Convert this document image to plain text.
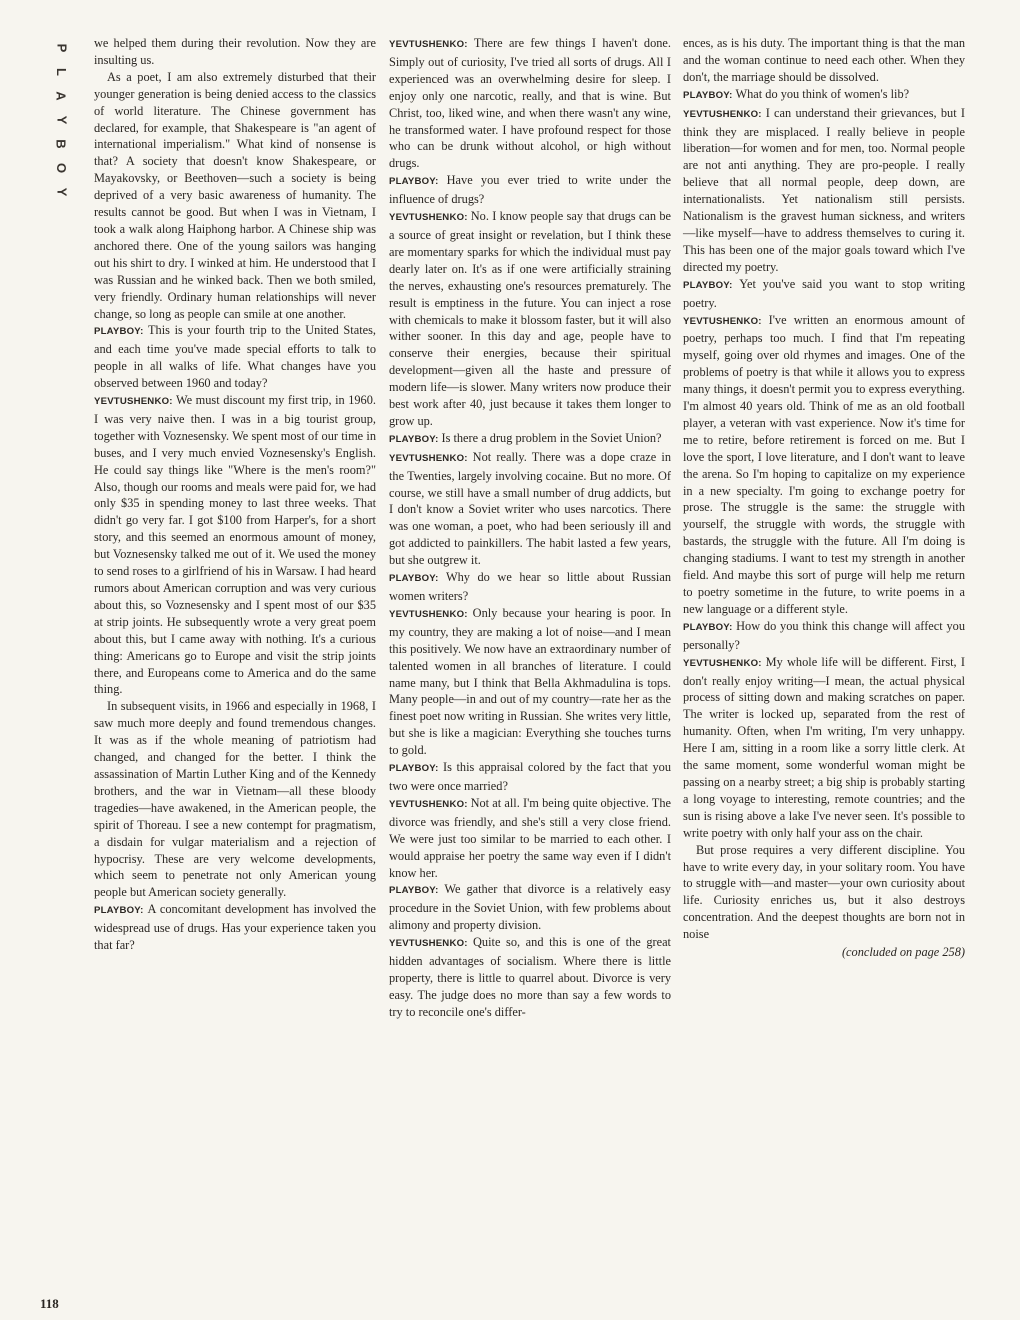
P
L
A
Y
B
O
Y

we helped them during their revolution. Now they are insulting us.

As a poet, I am also extremely disturbed that their younger generation is being denied access to the classics of world literature. The Chinese government has declared, for example, that Shakespeare is "an agent of international imperialism." What kind of nonsense is that? A society that doesn't know Shakespeare, or Mayakovsky, or Beethoven—such a society is being deprived of a very basic awareness of humanity. The results cannot be good. But when I was in Vietnam, I took a walk along Haiphong harbor. A Chinese ship was anchored there. One of the young sailors was hanging out his shirt to dry. I winked at him. He understood that I was Russian and he winked back. Then we both smiled, very friendly. Ordinary human relationships will never change, so long as people can smile at one another.

PLAYBOY: This is your fourth trip to the United States, and each time you've made special efforts to talk to people in all walks of life. What changes have you observed between 1960 and today?

YEVTUSHENKO: We must discount my first trip, in 1960. I was very naive then. I was in a big tourist group, together with Voznesensky. We spent most of our time in buses, and I very much envied Voznesensky's English. He could say things like "Where is the men's room?" Also, though our rooms and meals were paid for, we had only $35 in spending money to last three weeks. That didn't go very far. I got $100 from Harper's, for a short story, and this seemed an enormous amount of money, but Voznesensky talked me out of it. We used the money to send roses to a girlfriend of his in Warsaw. I had heard rumors about American corruption and was very curious about this, so Voznesensky and I spent most of our $35 at strip joints. He subsequently wrote a very great poem about this, but I came away with nothing. It's a curious thing: Americans go to Europe and visit the strip joints there, and Europeans come to America and do the same thing.

In subsequent visits, in 1966 and especially in 1968, I saw much more deeply and found tremendous changes. It was as if the whole meaning of patriotism had changed, and changed for the better. I think the assassination of Martin Luther King and of the Kennedy brothers, and the war in Vietnam—all these bloody tragedies—have awakened, in the American people, the spirit of Thoreau. I see a new contempt for pragmatism, a disdain for vulgar materialism and a rejection of hypocrisy. These are very welcome developments, which seem to penetrate not only American young people but American society generally.

PLAYBOY: A concomitant development has involved the widespread use of drugs. Has your experience taken you that far?

YEVTUSHENKO: There are few things I haven't done. Simply out of curiosity, I've tried all sorts of drugs. All I experienced was an overwhelming desire for sleep. I enjoy only one narcotic, really, and that is wine. But Christ, too, liked wine, and when there wasn't any wine, he transformed water. I have profound respect for those who can be drunk without alcohol, or high without drugs.

PLAYBOY: Have you ever tried to write under the influence of drugs?

YEVTUSHENKO: No. I know people say that drugs can be a source of great insight or revelation, but I think these are momentary sparks for which the individual must pay dearly later on. It's as if one were artificially straining the nerves, exhausting one's resources prematurely. The result is emptiness in the future. You can inject a rose with chemicals to make it blossom faster, but it will also wither sooner. In this day and age, people have to conserve their energies, because their spiritual development—given all the haste and pressure of modern life—is slower. Many writers now produce their best work after 40, just because it takes them longer to grow up.

PLAYBOY: Is there a drug problem in the Soviet Union?

YEVTUSHENKO: Not really. There was a dope craze in the Twenties, largely involving cocaine. But no more. Of course, we still have a small number of drug addicts, but I don't know a Soviet writer who uses narcotics. There was one woman, a poet, who had been seriously ill and got addicted to painkillers. The habit lasted a few years, but she outgrew it.

PLAYBOY: Why do we hear so little about Russian women writers?

YEVTUSHENKO: Only because your hearing is poor. In my country, they are making a lot of noise—and I mean this positively. We now have an extraordinary number of talented women in all branches of literature. I could name many, but I think that Bella Akhmadulina is tops. Many people—in and out of my country—rate her as the finest poet now writing in Russian. She writes very little, but she is like a magician: Everything she touches turns to gold.

PLAYBOY: Is this appraisal colored by the fact that you two were once married?

YEVTUSHENKO: Not at all. I'm being quite objective. The divorce was friendly, and she's still a very close friend. We were just too similar to be married to each other. I would appraise her poetry the same way even if I didn't know her.

PLAYBOY: We gather that divorce is a relatively easy procedure in the Soviet Union, with few problems about alimony and property division.

YEVTUSHENKO: Quite so, and this is one of the great hidden advantages of socialism. Where there is little property, there is little to quarrel about. Divorce is very easy. The judge does no more than say a few words to try to reconcile one's differ-

ences, as is his duty. The important thing is that the man and the woman continue to need each other. When they don't, the marriage should be dissolved.

PLAYBOY: What do you think of women's lib?

YEVTUSHENKO: I can understand their grievances, but I think they are misplaced. I really believe in people liberation—for women and for men, too. Normal people are not anti anything. They are pro-people. I really believe that all normal people, deep down, are internationalists. Yet nationalism still persists. Nationalism is the gravest human sickness, and writers—like myself—have to address themselves to curing it. This has been one of the major goals toward which I've directed my poetry.

PLAYBOY: Yet you've said you want to stop writing poetry.

YEVTUSHENKO: I've written an enormous amount of poetry, perhaps too much. I find that I'm repeating myself, going over old rhymes and images. One of the problems of poetry is that while it allows you to express many things, it doesn't permit you to express everything. I'm almost 40 years old. Think of me as an old football player, a veteran with vast experience. Now it's time for me to retire, before retirement is forced on me. But I love the sport, I love literature, and I don't want to leave the arena. So I'm hoping to capitalize on my experience in a new specialty. I'm going to exchange poetry for prose. The struggle is the same: the struggle with yourself, the struggle with words, the struggle with bastards, the struggle with the future. All I'm doing is changing stadiums. I want to test my strength in another field. And maybe this sort of purge will help me return to poetry sometime in the future, to write poems in a new language or a different style.

PLAYBOY: How do you think this change will affect you personally?

YEVTUSHENKO: My whole life will be different. First, I don't really enjoy writing—I mean, the actual physical process of sitting down and making scratches on paper. The writer is locked up, separated from the rest of humanity. Often, when I'm writing, I'm very unhappy. Here I am, sitting in a room like a sorry little clerk. At the same moment, some wonderful woman might be passing on a nearby street; a big ship is probably starting a long voyage to interesting, remote countries; and the sun is rising above a lake I've never seen. It's possible to write poetry with only half your ass on the chair.

But prose requires a very different discipline. You have to write every day, in your solitary room. You have to struggle with—and master—your own curiosity about life. Curiosity enriches us, but it also destroys concentration. And the deepest thoughts are born not in noise

(concluded on page 258)
118
